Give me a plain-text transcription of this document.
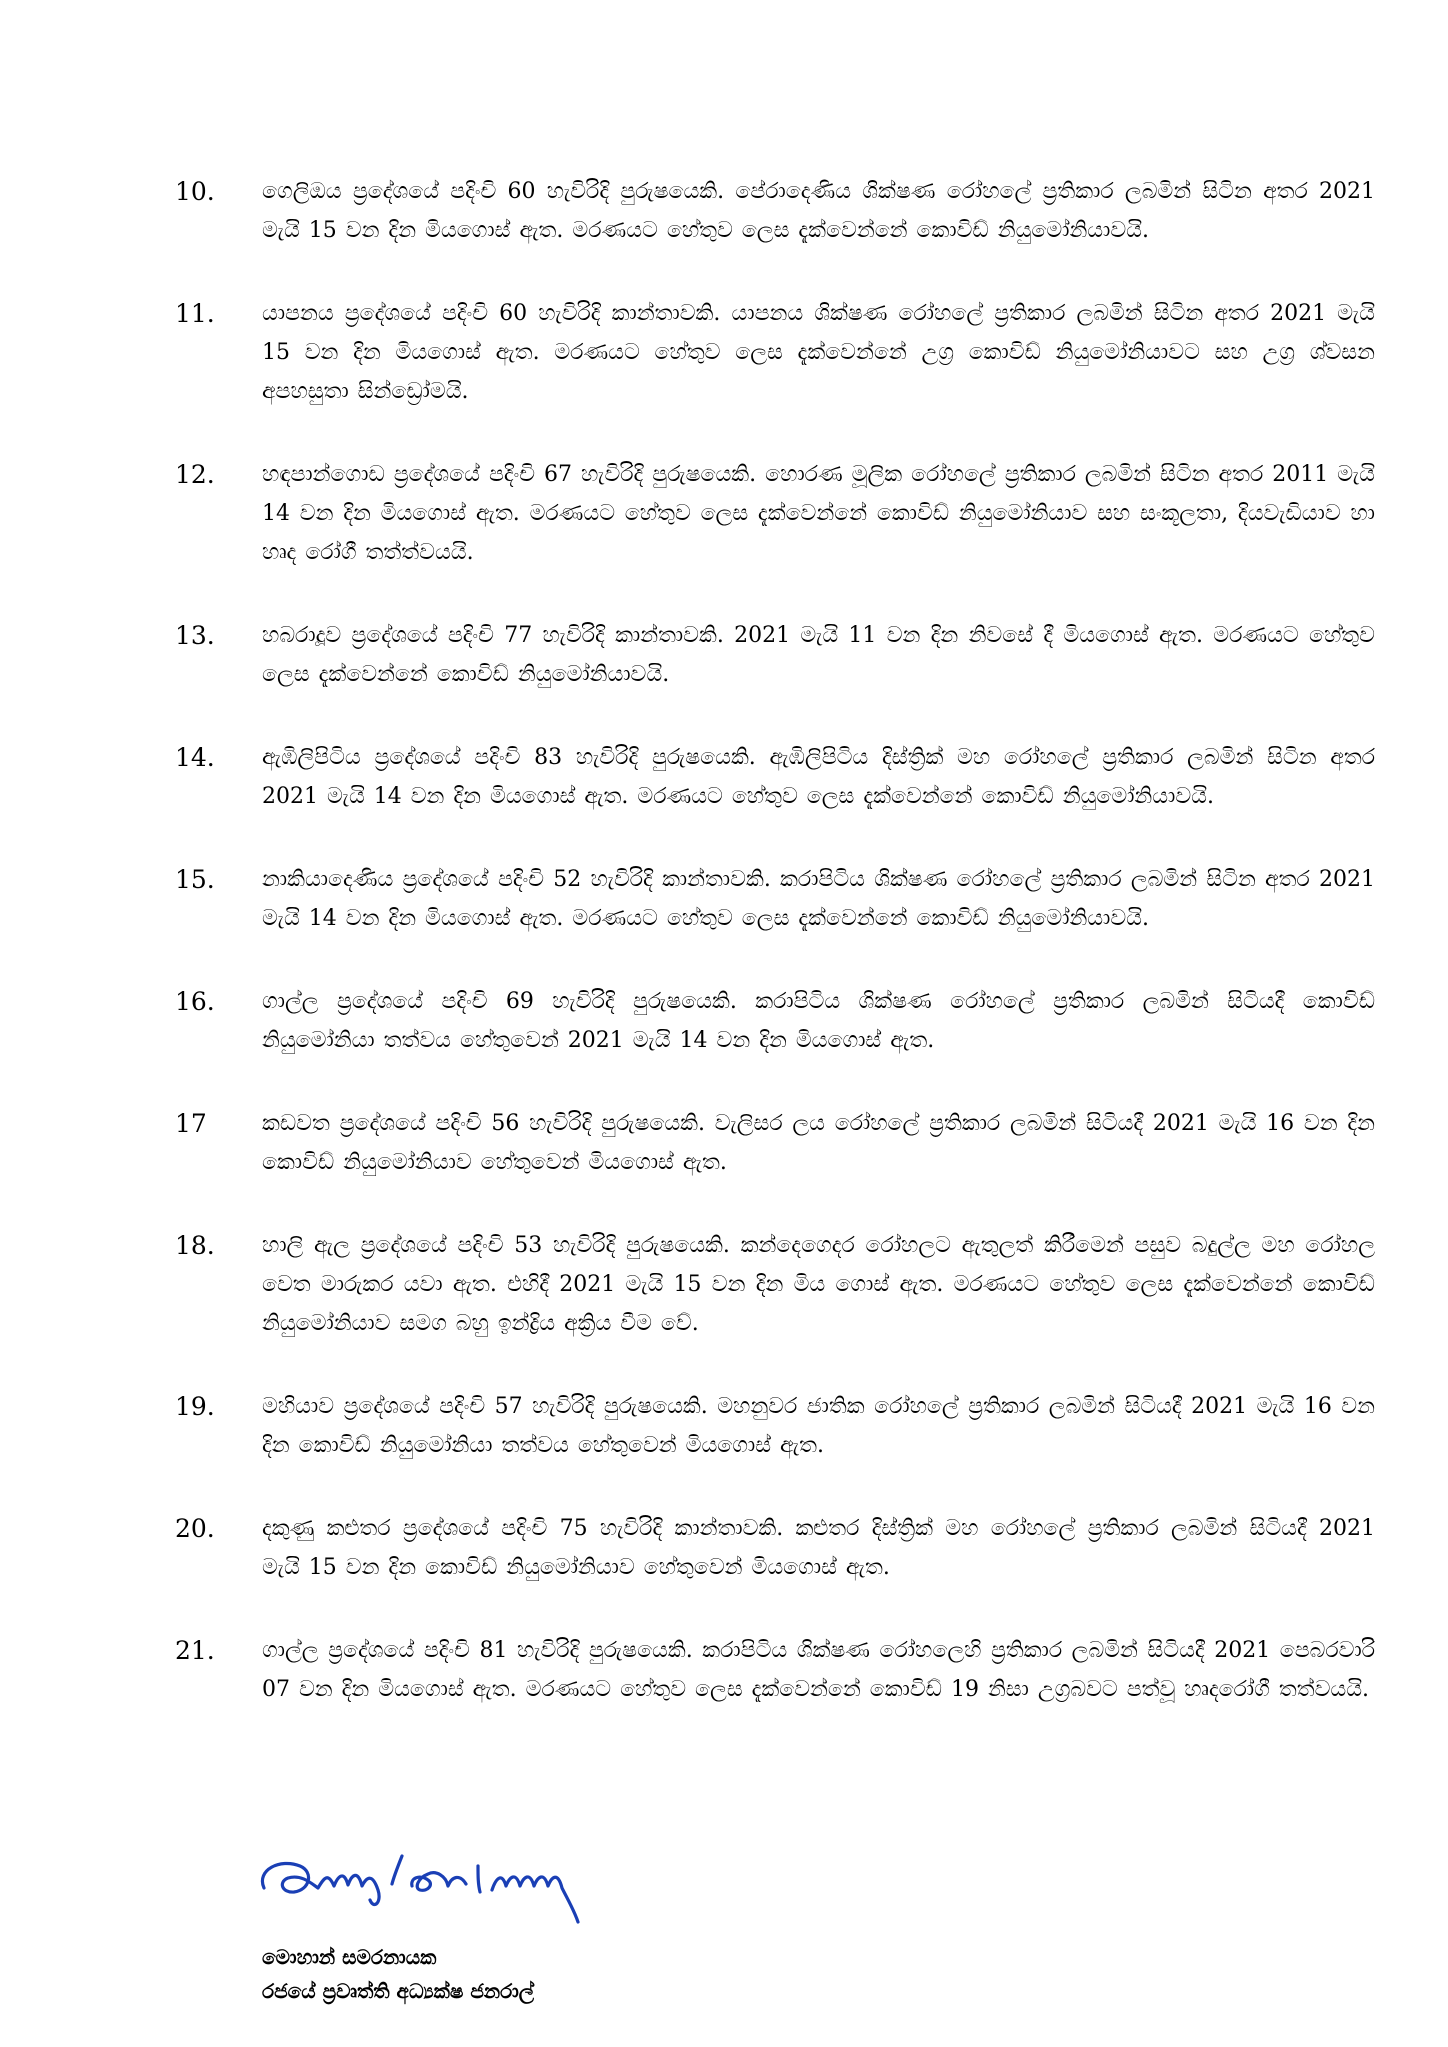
10.	ගෙලිඔය ප්‍රදේශයේ පදිංචි 60 හැවිරිදි පුරුෂයෙකි. පේරාදෙණිය ශික්ෂණ රෝහලේ ප්‍රතිකාර ලබමින් සිටින අතර 2021 මැයි 15 වන දින මියගොස් ඇත. මරණයට හේතුව ලෙස දැක්වෙන්නේ කොවිඩ් නියුමෝනියාවයි.
11.	යාපනය ප්‍රදේශයේ පදිංචි 60 හැවිරිදි කාන්තාවකි. යාපනය ශික්ෂණ රෝහලේ ප්‍රතිකාර ලබමින් සිටින අතර 2021 මැයි 15 වන දින මියගොස් ඇත. මරණයට හේතුව ලෙස දැක්වෙන්නේ උග්‍ර කොවිඩ් නියුමෝනියාවට සහ උග්‍ර ශ්වසන අපහසුතා සින්ඩ්‍රෝමයි.
12.	හඳපාන්ගොඩ ප්‍රදේශයේ පදිංචි 67 හැවිරිදි පුරුෂයෙකි. හොරණ මූලික රෝහලේ ප්‍රතිකාර ලබමින් සිටින අතර 2011 මැයි 14 වන දින මියගොස් ඇත. මරණයට හේතුව ලෙස දැක්වෙන්නේ කොවිඩ් නියුමෝනියාව සහ සංකූලතා, දියවැඩියාව හා හෘද රෝගී තත්ත්වයයි.
13.	හබරාදූව ප්‍රදේශයේ පදිංචි 77 හැවිරිදි කාන්තාවකි. 2021 මැයි 11 වන දින නිවසේ දී මියගොස් ඇත. මරණයට හේතුව ලෙස දැක්වෙන්නේ කොවිඩ් නියුමෝනියාවයි.
14.	ඇඹිලිපිටිය ප්‍රදේශයේ පදිංචි 83 හැවිරිදි පුරුෂයෙකි. ඇඹිලිපිටිය දිස්ත්‍රික් මහ රෝහලේ ප්‍රතිකාර ලබමින් සිටින අතර 2021 මැයි 14 වන දින මියගොස් ඇත. මරණයට හේතුව ලෙස දැක්වෙන්නේ කොවිඩ් නියුමෝනියාවයි.
15.	නාකියාදෙණිය ප්‍රදේශයේ පදිංචි 52 හැවිරිදි කාන්තාවකි. කරාපිටිය ශික්ෂණ රෝහලේ ප්‍රතිකාර ලබමින් සිටින අතර 2021 මැයි 14 වන දින මියගොස් ඇත. මරණයට හේතුව ලෙස දැක්වෙන්නේ කොවිඩ් නියුමෝනියාවයි.
16.	ගාල්ල ප්‍රදේශයේ පදිංචි 69 හැවිරිදි පුරුෂයෙකි. කරාපිටිය ශික්ෂණ රෝහලේ ප්‍රතිකාර ලබමින් සිටියදී කොවිඩ් නියුමෝනියා තත්වය හේතුවෙන් 2021 මැයි 14 වන දින මියගොස් ඇත.
17	කඩවත ප්‍රදේශයේ පදිංචි 56 හැවිරිදි පුරුෂයෙකි. වැලිසර ලය රෝහලේ ප්‍රතිකාර ලබමින් සිටියදී 2021 මැයි 16 වන දින කොවිඩ් නියුමෝනියාව හේතුවෙන් මියගොස් ඇත.
18.	හාලි ඇල ප්‍රදේශයේ පදිංචි 53 හැවිරිදි පුරුෂයෙකි. කන්දෙගෙදර රෝහලට ඇතුලත් කිරීමෙන් පසුව බදුල්ල මහ රෝහල වෙත මාරුකර යවා ඇත. එහිදී 2021 මැයි 15 වන දින මිය ගොස් ඇත. මරණයට හේතුව ලෙස දැක්වෙන්නේ කොවිඩ් නියුමෝනියාව සමග බහු ඉන්ද්‍රිය අක්‍රිය වීම වේ.
19.	මහියාව ප්‍රදේශයේ පදිංචි 57 හැවිරිදි පුරුෂයෙකි. මහනුවර ජාතික රෝහලේ ප්‍රතිකාර ලබමින් සිටියදී 2021 මැයි 16 වන දින කොවිඩ් නියුමෝනියා තත්වය හේතුවෙන් මියගොස් ඇත.
20.	දකුණු කළුතර ප්‍රදේශයේ පදිංචි 75 හැවිරිදි කාන්තාවකි. කළුතර දිස්ත්‍රික් මහ රෝහලේ ප්‍රතිකාර ලබමින් සිටියදී 2021 මැයි 15 වන දින කොවිඩ් නියුමෝනියාව හේතුවෙන් මියගොස් ඇත.
21.	ගාල්ල ප්‍රදේශයේ පදිංචි 81 හැවිරිදි පුරුෂයෙකි. කරාපිටිය ශික්ෂණ රෝහලෙහි ප්‍රතිකාර ලබමින් සිටියදී 2021 පෙබරවාරි 07 වන දින මියගොස් ඇත. මරණයට හේතුව ලෙස දැක්වෙන්නේ කොවිඩ් 19 නිසා උග්‍රබවට පත්වූ හෘදරෝගී තත්වයයි.
මොහාන් සමරනායක
රජයේ ප්‍රවෘත්ති අධ්‍යක්ෂ ජනරාල්
